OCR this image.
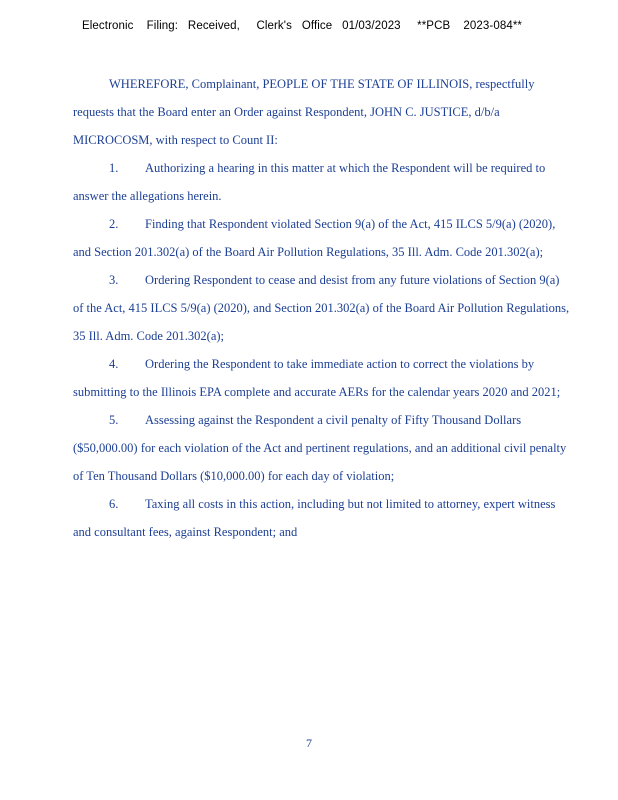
Electronic    Filing:   Received,     Clerk's   Office   01/03/2023     **PCB    2023-084**

WHEREFORE, Complainant, PEOPLE OF THE STATE OF ILLINOIS, respectfully
requests that the Board enter an Order against Respondent, JOHN C. JUSTICE, d/b/a
MICROCOSM, with respect to Count II:

1.	Authorizing a hearing in this matter at which the Respondent will be required to
answer the allegations herein.
2.	Finding that Respondent violated Section 9(a) of the Act, 415 ILCS 5/9(a) (2020),
and Section 201.302(a) of the Board Air Pollution Regulations, 35 Ill. Adm. Code 201.302(a);
3.	Ordering Respondent to cease and desist from any future violations of Section 9(a)
of the Act, 415 ILCS 5/9(a) (2020), and Section 201.302(a) of the Board Air Pollution Regulations,
35 Ill. Adm. Code 201.302(a);
4.	Ordering the Respondent to take immediate action to correct the violations by
submitting to the Illinois EPA complete and accurate AERs for the calendar years 2020 and 2021;
5.	Assessing against the Respondent a civil penalty of Fifty Thousand Dollars
($50,000.00) for each violation of the Act and pertinent regulations, and an additional civil penalty
of Ten Thousand Dollars ($10,000.00) for each day of violation;
6.	Taxing all costs in this action, including but not limited to attorney, expert witness
and consultant fees, against Respondent; and
7
